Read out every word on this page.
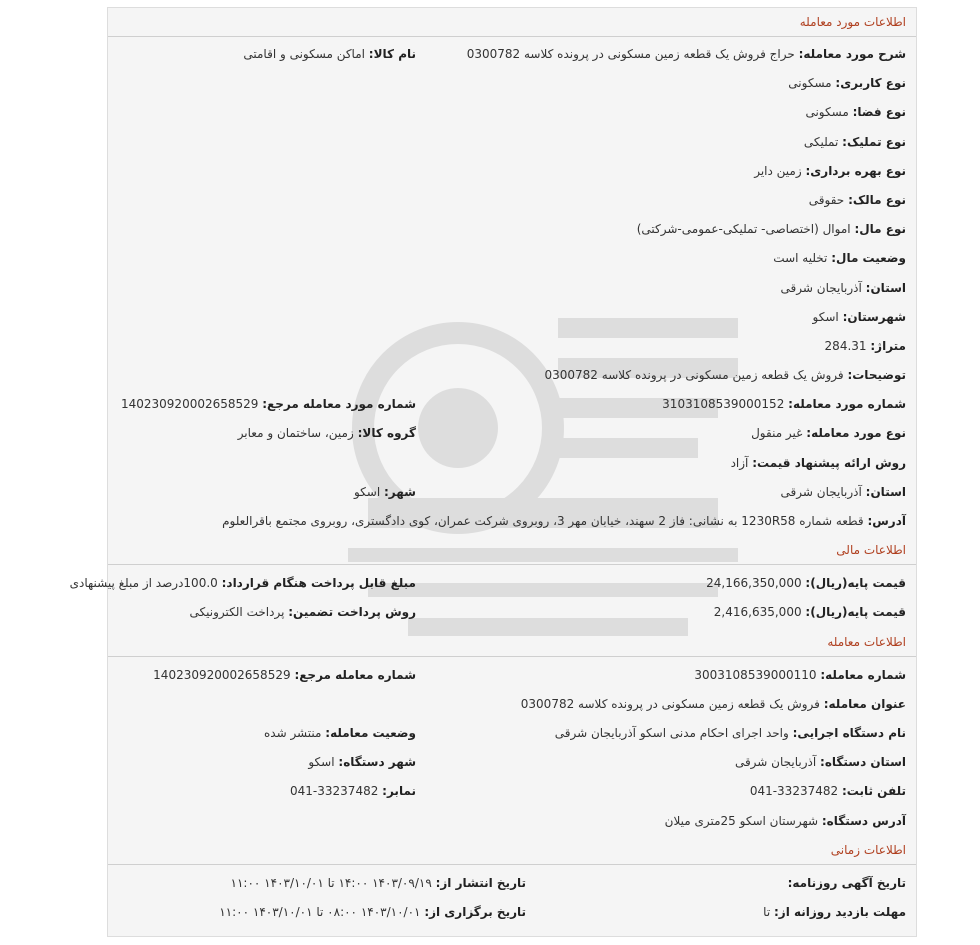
اطلاعات مورد معامله
شرح مورد معامله: حراج فروش یک قطعه زمین مسکونی در پرونده کلاسه 0300782
نام کالا: اماکن مسکونی و اقامتی
نوع کاربری: مسکونی
نوع فضا: مسکونی
نوع تملیک: تملیکی
نوع بهره برداری: زمین دایر
نوع مالک: حقوقی
نوع مال: اموال (اختصاصی- تملیکی-عمومی-شرکتی)
وضعیت مال: تخلیه است
استان: آذربایجان شرقی
شهرستان: اسکو
متراژ: 284.31
توضیحات: فروش یک قطعه زمین مسکونی در پرونده کلاسه 0300782
شماره مورد معامله: 3103108539000152
شماره مورد معامله مرجع: 14023092000265852‌9
نوع مورد معامله: غیر منقول
گروه کالا: زمین، ساختمان و معابر
روش ارائه پیشنهاد قیمت: آزاد
استان: آذربایجان شرقی
شهر: اسکو
آدرس: قطعه شماره 1230R58 به نشانی: فاز 2 سهند، خیابان مهر 3، روبروی شرکت عمران، کوی دادگستری، روبروی مجتمع باقرالعلوم
اطلاعات مالی
قیمت پایه(ریال): 24,166,350,000
مبلغ قابل پرداخت هنگام قرارداد: 100.0درصد از مبلغ پیشنهادی
قیمت پایه(ریال): 2,416,635,000
روش پرداخت تضمین: پرداخت الکترونیکی
اطلاعات معامله
شماره معامله: 3003108539000110
شماره معامله مرجع: 14023092000265852‌9
عنوان معامله: فروش یک قطعه زمین مسکونی در پرونده کلاسه 0300782
نام دستگاه اجرایی: واحد اجرای احکام مدنی اسکو آذربایجان شرقی
وضعیت معامله: منتشر شده
استان دستگاه: آذربایجان شرقی
شهر دستگاه: اسکو
تلفن ثابت: 041-33237482
نمابر: 041-33237482
آدرس دستگاه: شهرستان اسکو 25متری میلان
اطلاعات زمانی
تاریخ آگهی روزنامه:
تاریخ انتشار از: ۱۴۰۳/۰۹/۱۹ ۱۴:۰۰ تا ۱۴۰۳/۱۰/۰۱ ۱۱:۰۰
مهلت بازدید روزانه از: تا
تاریخ برگزاری از: ۱۴۰۳/۱۰/۰۱ ۰۸:۰۰ تا ۱۴۰۳/۱۰/۰۱ ۱۱:۰۰
